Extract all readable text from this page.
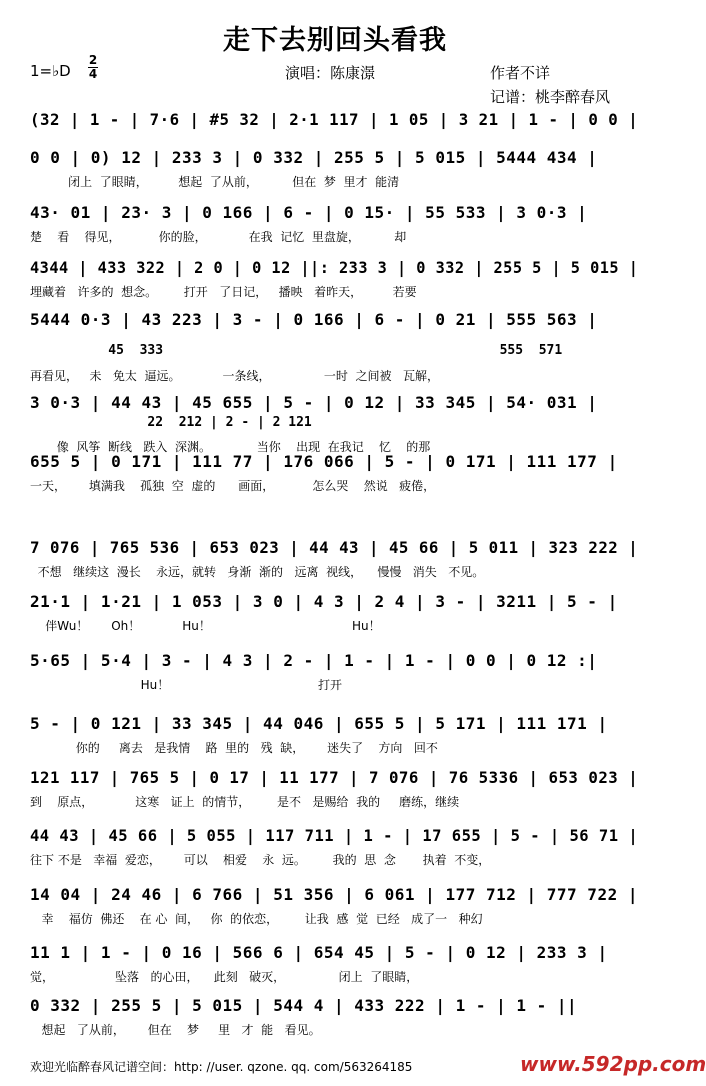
走下去别回头看我
1=♭D
2
4	演唱：陈康澋	作者不详
记谱：桃李醉春风
(32 | 1 - | 7·6 | #5 32 | 2·1 117 | 1 05 | 3 21 | 1 - | 0 0 |
0 0 | 0) 12 | 233 3 | 0 332 | 255 5 | 5 015 | 5444 434 |
闭上  了眼睛，        想起  了从前，         但在  梦  里才  能清
43· 01 | 23· 3 | 0 166 | 6 - | 0 15· | 55 533 | 3 0·3 |
楚    看    得见，          你的脸，           在我  记忆  里盘旋，         却
4344 | 433 322 | 2 0 | 0 12 ||: 233 3 | 0 332 | 255 5 | 5 015 |
埋藏着   许多的  想念。       打开   了日记，   播映   着昨天，        若要
5444 0·3 | 43 223 | 3 - | 0 166 | 6 - | 0 21 | 555 563 |
45  333                                           555  571
再看见，   未   免太  逼远。           一条线，              一时  之间被   瓦解，
3 0·3 | 44 43 | 45 655 | 5 - | 0 12 | 33 345 | 54· 031 |
22  212 | 2 - | 2 121
像  风筝  断线   跌入  深渊。            当你    出现  在我记    忆    的那
655 5 | 0 171 | 111 77 | 176 066 | 5 - | 0 171 | 111 177 |
一天，      填满我    孤独  空  虚的      画面，          怎么哭    然说   疲倦，
7 076 | 765 536 | 653 023 | 44 43 | 45 66 | 5 011 | 323 222 |
不想   继续这  漫长    永远，就转   身渐  渐的   远离  视线，    慢慢   消失   不见。
21·1 | 1·21 | 1 053 | 3 0 | 4 3 | 2 4 | 3 - | 3211 | 5 - |
伴Wu！      Oh！           Hu！                                     Hu！
5·65 | 5·4 | 3 - | 4 3 | 2 - | 1 - | 1 - | 0 0 | 0 12 :|
Hu！                                       打开
5 - | 0 121 | 33 345 | 44 046 | 655 5 | 5 171 | 111 171 |
你的     离去   是我情    路  里的   残  缺，      迷失了    方向   回不
121 117 | 765 5 | 0 17 | 11 177 | 7 076 | 76 5336 | 653 023 |
到    原点，           这寒   证上  的情节，       是不   是赐给  我的     磨练，继续
44 43 | 45 66 | 5 055 | 117 711 | 1 - | 17 655 | 5 - | 56 71 |
往下 不是   幸福  爱恋，      可以    相爱    永  远。       我的  思  念       执着  不变，
14 04 | 24 46 | 6 766 | 51 356 | 6 061 | 177 712 | 777 722 |
幸    福仿  佛还    在 心  间，   你  的依恋，       让我  感  觉  已经   成了一   种幻
11 1 | 1 - | 0 16 | 566 6 | 654 45 | 5 - | 0 12 | 233 3 |
觉，                坠落   的心田，    此刻   破灭，              闭上  了眼睛，
0 332 | 255 5 | 5 015 | 544 4 | 433 222 | 1 - | 1 - ||
想起   了从前，      但在    梦     里   才  能   看见。
欢迎光临醉春风记谱空间：http: //user. qzone. qq. com/563264185	www.592pp.com
